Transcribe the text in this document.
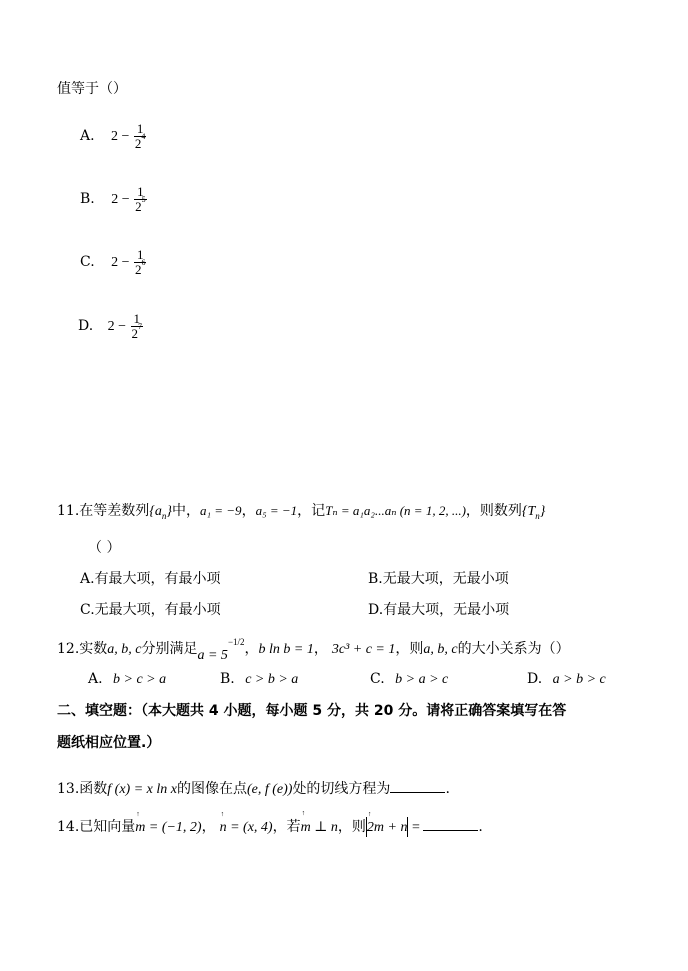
值等于（）
A. $2 - \frac{1}{2^4}$
B. $2 - \frac{1}{2^5}$
C. $2 - \frac{1}{2^6}$
D. $2 - \frac{1}{2^7}$
11.在等差数列$\{a_n\}$中，a₁ = −9，a₅ = −1，记Tₙ = a₁a₂...aₙ (n = 1, 2, ...)，则数列$\{T_n\}$
（ ）
A.有最大项，有最小项	B.无最大项，无最小项
C.无最大项，有最小项	D.有最大项，无最小项
12.实数a, b, c分别满足$a = 5^{-1/2}$，b ln b = 1， 3c³ + c = 1，则a, b, c的大小关系为（）
A. b > c > a	B. c > b > a	C. b > a > c	D. a > b > c
二、填空题：（本大题共 4 小题，每小题 5 分，共 20 分。请将正确答案填写在答
题纸相应位置.）
13.函数f (x) = x ln x的图像在点(e, f (e))处的切线方程为	.
14.已知向量↑ m = (−1, 2)，↑ n = (x, 4)，若↑ m ⊥ n，则↑ 2m + n =	.
